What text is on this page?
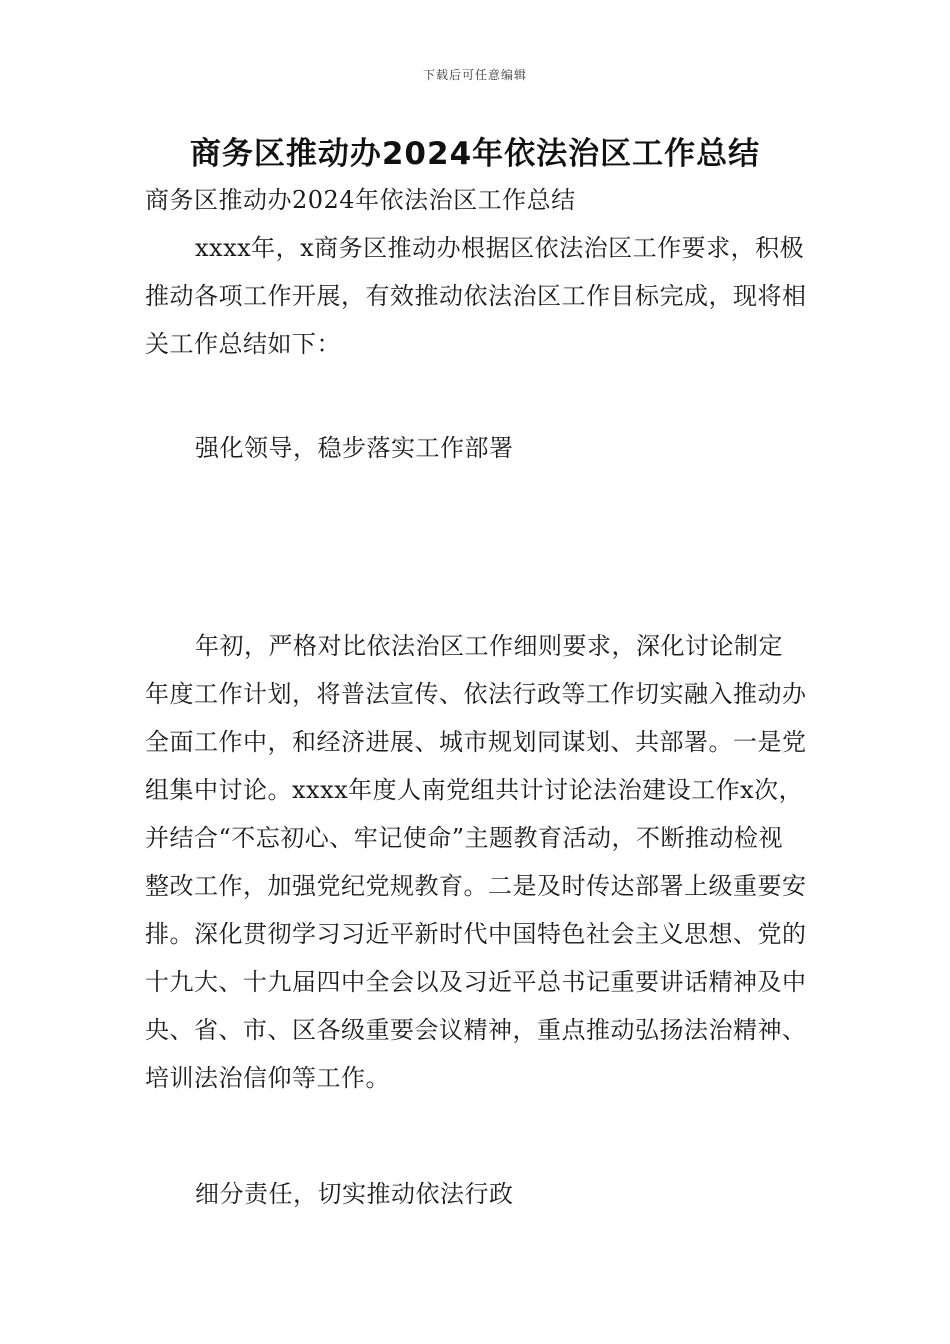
下载后可任意编辑
商务区推动办2024年依法治区工作总结
商务区推动办2024年依法治区工作总结

xxxx年，x商务区推动办根据区依法治区工作要求，积极推动各项工作开展，有效推动依法治区工作目标完成，现将相关工作总结如下：

强化领导，稳步落实工作部署

年初，严格对比依法治区工作细则要求，深化讨论制定年度工作计划，将普法宣传、依法行政等工作切实融入推动办全面工作中，和经济进展、城市规划同谋划、共部署。一是党组集中讨论。xxxx年度人南党组共计讨论法治建设工作x次，并结合“不忘初心、牢记使命”主题教育活动，不断推动检视整改工作，加强党纪党规教育。二是及时传达部署上级重要安排。深化贯彻学习习近平新时代中国特色社会主义思想、党的十九大、十九届四中全会以及习近平总书记重要讲话精神及中央、省、市、区各级重要会议精神，重点推动弘扬法治精神、培训法治信仰等工作。

细分责任，切实推动依法行政
